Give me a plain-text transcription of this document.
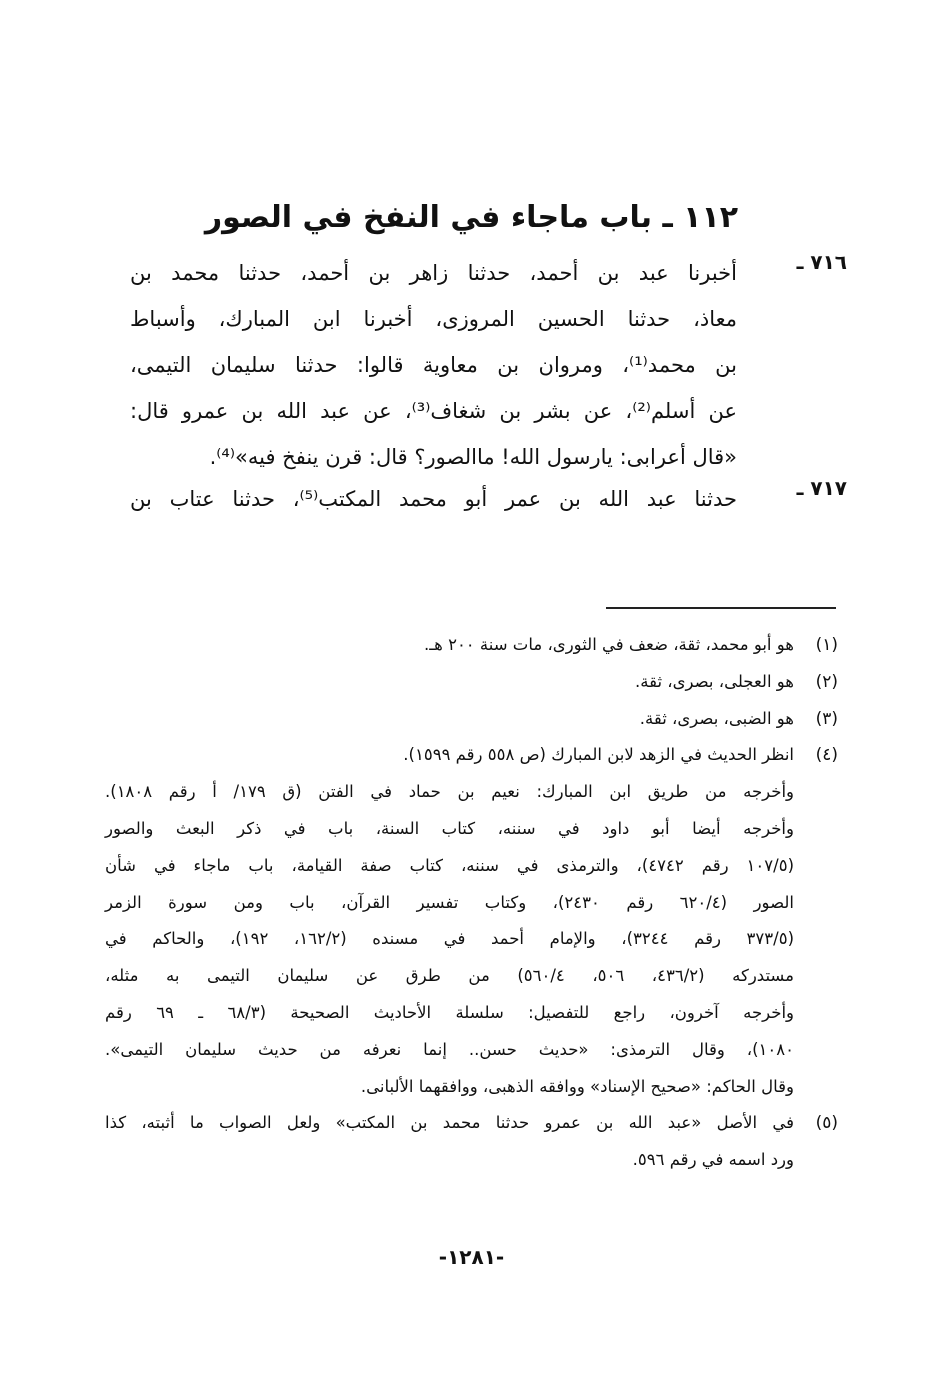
١١٢ ـ باب ماجاء في النفخ في الصور
٧١٦ ـ
أخبرنا عبد بن أحمد، حدثنا زاهر بن أحمد، حدثنا محمد بن
معاذ، حدثنا الحسين المروزى، أخبرنا ابن المبارك، وأسباط
بن محمد⁽¹⁾، ومروان بن معاوية قالوا: حدثنا سليمان التيمى،
عن أسلم⁽²⁾، عن بشر بن شغاف⁽³⁾، عن عبد الله بن عمرو قال:
«قال أعرابى: يارسول الله! ماالصور؟ قال: قرن ينفخ فيه»⁽⁴⁾.
٧١٧ ـ
حدثنا عبد الله بن عمر أبو محمد المكتب⁽⁵⁾، حدثنا عتاب بن
(١)
هو أبو محمد، ثقة، ضعف في الثورى، مات سنة ٢٠٠ هـ.
(٢)
هو العجلى، بصرى، ثقة.
(٣)
هو الضبى، بصرى، ثقة.
(٤)
انظر الحديث في الزهد لابن المبارك (ص ٥٥٨ رقم ١٥٩٩).
وأخرجه من طريق ابن المبارك: نعيم بن حماد في الفتن (ق ١٧٩/ أ رقم ١٨٠٨).
وأخرجه أيضا أبو داود في سننه، كتاب السنة، باب في ذكر البعث والصور
(١٠٧/٥ رقم ٤٧٤٢)، والترمذى في سننه، كتاب صفة القيامة، باب ماجاء في شأن
الصور (٦٢٠/٤ رقم ٢٤٣٠)، وكتاب تفسير القرآن، باب ومن سورة الزمر
(٣٧٣/٥ رقم ٣٢٤٤)، والإمام أحمد في مسنده (١٦٢/٢، ١٩٢)، والحاكم في
مستدركه (٤٣٦/٢، ٥٠٦، ٥٦٠/٤) من طرق عن سليمان التيمى به مثله،
وأخرجه آخرون، راجع للتفصيل: سلسلة الأحاديث الصحيحة (٦٨/٣ ـ ٦٩ رقم
١٠٨٠)، وقال الترمذى: «حديث حسن.. إنما نعرفه من حديث سليمان التيمى».
وقال الحاكم: «صحيح الإسناد» ووافقه الذهبى، ووافقهما الألبانى.
(٥)
في الأصل «عبد الله بن عمرو حدثنا محمد بن المكتب» ولعل الصواب ما أثبته، كذا
ورد اسمه في رقم ٥٩٦.
-١٢٨١-
